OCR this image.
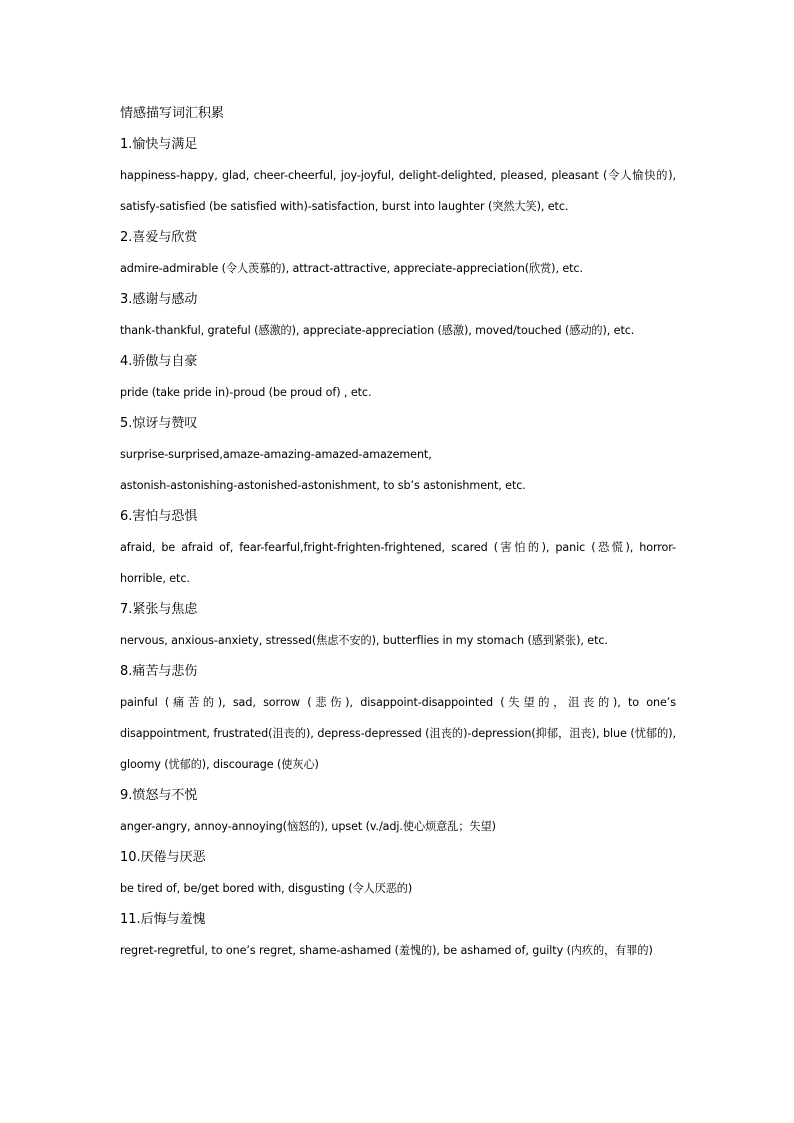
情感描写词汇积累
1.愉快与满足
happiness-happy, glad, cheer-cheerful, joy-joyful, delight-delighted, pleased, pleasant (令人愉快的), satisfy-satisfied (be satisfied with)-satisfaction, burst into laughter (突然大笑), etc.
2.喜爱与欣赏
admire-admirable (令人羡慕的), attract-attractive, appreciate-appreciation(欣赏), etc.
3.感谢与感动
thank-thankful, grateful (感激的), appreciate-appreciation (感激), moved/touched (感动的), etc.
4.骄傲与自豪
pride (take pride in)-proud (be proud of) , etc.
5.惊讶与赞叹
surprise-surprised,amaze-amazing-amazed-amazement,
astonish-astonishing-astonished-astonishment, to sb’s astonishment, etc.
6.害怕与恐惧
afraid, be afraid of, fear-fearful,fright-frighten-frightened, scared (害怕的), panic (恐慌), horror-horrible, etc.
7.紧张与焦虑
nervous, anxious-anxiety, stressed(焦虑不安的), butterflies in my stomach (感到紧张), etc.
8.痛苦与悲伤
painful (痛苦的), sad, sorrow (悲伤), disappoint-disappointed (失望的，沮丧的), to one’s disappointment, frustrated(沮丧的), depress-depressed (沮丧的)-depression(抑郁，沮丧), blue (忧郁的), gloomy (忧郁的), discourage (使灰心)
9.愤怒与不悦
anger-angry, annoy-annoying(恼怒的), upset (v./adj.使心烦意乱；失望)
10.厌倦与厌恶
be tired of, be/get bored with, disgusting (令人厌恶的)
11.后悔与羞愧
regret-regretful, to one’s regret, shame-ashamed (羞愧的), be ashamed of, guilty (内疚的，有罪的)
